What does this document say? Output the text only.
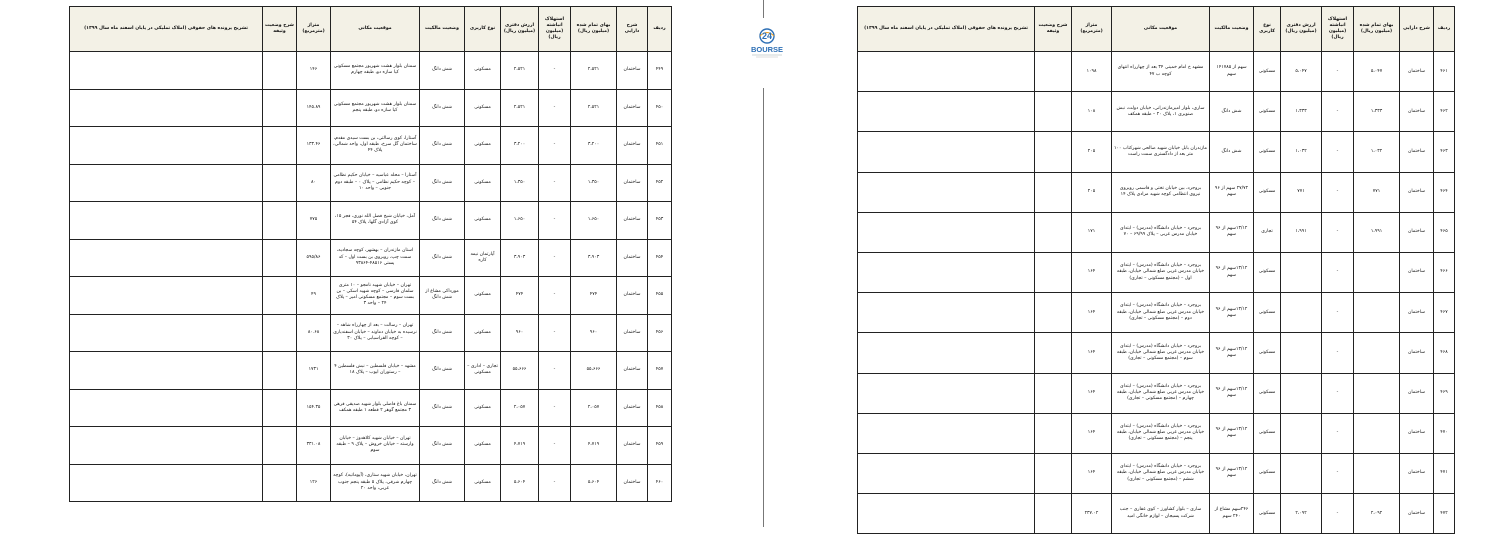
ردیف	شرح دارایی	بهای تمام شده (میلیون ریال)	استهلاک انباشته (میلیون ریال)	ارزش دفتری (میلیون ریال)	نوع کاربری	وضعیت مالکیت	موقعیت مکانی	متراژ (مترمربع)	شرح وضعیت وثیقه	تشریح پرونده های حقوقی (املاک تملیکی در پایان اسفند ماه سال ۱۳۹۹)
۴۴۹	ساختمان	۲،۵۲۱	-	۲،۵۲۱	مسکونی	شش دانگ	سمنان بلوار هشت شهریور مجتمع مسکونی کیا سازه دو، طبقه چهارم	۱۴۶		
۴۵۰	ساختمان	۲،۵۲۱	-	۲،۵۲۱	مسکونی	شش دانگ	سمنان بلوار هشت شهریور مجتمع مسکونی کیا سازه دو، طبقه پنجم	۱۴۵.۸۹		
۴۵۱	ساختمان	۳،۲۰۰	-	۳،۲۰۰	مسکونی	شش دانگ	آستارا، کوی رسالتی، بن بست سیدی مقدم، ساختمان گل سرخ، طبقه اول، واحد شمالی، پلاک ۴۴	۱۳۳.۴۶		
۴۵۲	ساختمان	۱،۳۵۰	-	۱،۳۵۰	مسکونی	شش دانگ	آستارا – محله عباسیه – خیابان حکیم نظامی – کوچه حکیم نظامی – پلاک ۰ – طبقه دوم جنوبی – واحد ۱۰	۸۰		
۴۵۳	ساختمان	۱،۶۵۰	-	۱،۶۵۰	مسکونی	شش دانگ	آمل، خیابان شیخ فضل الله نوری، فجر ۱۵، کوی آزادی گلها، پلاک ۵۴	۷۷۵		
۴۵۴	ساختمان	۳،۹۰۳	-	۳،۹۰۳	آپارتمان نیمه کاره	شش دانگ	استان مازندران – بهشهر، کوچه سجادیه، سمت چپ، روبروی بن بست اول – کد پستی ۴۸۵۱۶-۹۳۸۶۴	۵۹۵/۸۶		
۴۵۵	ساختمان	۴۷۴	-	۴۷۴	مسکونی	مورداکی مشاع از شش دانگ	تهران – خیابان شهید نامجو – ۱۰ متری سلمان فارسی – کوچه شهید اسکی – بن بست سوم – مجتمع مسکونی امیر – پلاک ۲۴ – واحد ۳	۴۹		
۴۵۶	ساختمان	۹۶۰	-	۹۶۰	مسکونی	شش دانگ	تهران – رسالت – بعد از چهارراه شاهد – نرسیده به خیابان دماوند – خیابان اسفندیاری – کوچه الفراسیابی – پلاک ۳۰	۸۰.۶۸		
۴۵۷	ساختمان	۵۵،۶۶۶	-	۵۵،۶۶۶	تجاری – اداری – مسکونی	شش دانگ	مشهد – خیابان فلسطین – نبش فلسطین ۴ – رستوران ایوب – پلاک ۱۸	۱۷۳۱		
۴۵۸	ساختمان	۲،۰۵۷	-	۲،۰۵۷	مسکونی	شش دانگ	سمنان باغ فاضلی بلوار شهید صدیقی قرهی ۳ مجتمع گوهر ۲ قطعه ۱ طبقه همکف	۱۵۴.۳۵		
۴۵۹	ساختمان	۴،۷۱۹	-	۴،۷۱۹	مسکونی	شش دانگ	تهران – خیابان شهید کلاهدوز – خیابان وارسته – خیابان خروش – پلاک ۹ – طبقه سوم	۳۳۱.۰۸		
۴۶۰	ساختمان	۵،۶۰۴	-	۵،۶۰۴	مسکونی	شش دانگ	تهران، خیابان شهید ستاری، (آپوماتیه)، کوچه چهارم شرقی، پلاک ۵ طبقه پنجم جنوب غربی، واحد ۲۰	۱۲۶		
24
BOURSE
ردیف	شرح دارایی	بهای تمام شده (میلیون ریال)	استهلاک انباشته (میلیون ریال)	ارزش دفتری (میلیون ریال)	نوع کاربری	وضعیت مالکیت	موقعیت مکانی	متراژ (مترمربع)	شرح وضعیت وثیقه	تشریح پرونده های حقوقی (املاک تملیکی در پایان اسفند ماه سال ۱۳۹۹)
۴۶۱	ساختمان	۵،۰۴۷	-	۵،۰۴۷	مسکونی	سهم از ۱۴۱۷۸۵ سهم	مشهد خ امام خمینی ۳۴ بعد از چهارراه انتهای کوچه ب ۴۷	۱۰۹۸		
۴۶۲	ساختمان	۱،۳۳۳	-	۱،۳۳۳	مسکونی	شش دانگ	ساری، بلوار امیرمازندرانی، خیابان دولت، نبش صنوبری ۱، پلاک ۲۰ – طبقه همکف	۱۰۸		
۴۶۳	ساختمان	۱،۰۳۲	-	۱،۰۳۲	مسکونی	شش دانگ	مازندران بابل خیابان شهید صالحی شهرکتاب ۱۰۰ متر بعد از دادگستری سمت راست	۲۰۵		
۴۶۴	ساختمان	۷۷۱	-	۷۷۱	مسکونی	۲۷/۷۲ سهم از ۹۶ سهم	بروجرد، بین خیابان تختی و قاسمی روبروی نیروی انتظامی کوچه شهید مرادی پلاک ۱۴	۲۰۵		
۴۶۵	ساختمان	۱،۹۹۱	-	۱،۹۹۱	تجاری	۱۳/۱۲سهم از ۹۶ سهم	بروجرد – خیابان دانشگاه (مدرس) – ابتدای خیابان مدرس غربی – پلاک ۶۹/۹۹ – ۷۰	۱۷۱		
۴۶۶	ساختمان		-		مسکونی	۱۳/۱۲سهم از ۹۶ سهم	بروجرد – خیابان دانشگاه (مدرس) – ابتدای خیابان مدرس غربی ضلع شمالی خیابان، طبقه اول – (مجتمع مسکونی – تجاری)	۱۶۴		
۴۶۷	ساختمان		-		مسکونی	۱۳/۱۲سهم از ۹۶ سهم	بروجرد – خیابان دانشگاه (مدرس) – ابتدای خیابان مدرس غربی ضلع شمالی خیابان، طبقه دوم – (مجتمع مسکونی – تجاری)	۱۶۴		
۴۶۸	ساختمان		-		مسکونی	۱۳/۱۲سهم از ۹۶ سهم	بروجرد – خیابان دانشگاه (مدرس) – ابتدای خیابان مدرس غربی ضلع شمالی خیابان، طبقه سوم – (مجتمع مسکونی – تجاری)	۱۶۴		
۴۶۹	ساختمان		-		مسکونی	۱۳/۱۲سهم از ۹۶ سهم	بروجرد – خیابان دانشگاه (مدرس) – ابتدای خیابان مدرس غربی ضلع شمالی خیابان، طبقه چهارم – (مجتمع مسکونی – تجاری)	۱۶۴		
۴۷۰	ساختمان		-		مسکونی	۱۳/۱۲سهم از ۹۶ سهم	بروجرد – خیابان دانشگاه (مدرس) – ابتدای خیابان مدرس غربی ضلع شمالی خیابان، طبقه پنجم – (مجتمع مسکونی – تجاری)	۱۶۴		
۴۷۱	ساختمان		-		مسکونی	۱۳/۱۲سهم از ۹۶ سهم	بروجرد – خیابان دانشگاه (مدرس) – ابتدای خیابان مدرس غربی ضلع شمالی خیابان، طبقه ششم – (مجتمع مسکونی – تجاری)	۱۶۴		
۴۷۲	ساختمان	۲،۰۹۲	-	۲،۰۹۲	مسکونی	۲۴۶سهم مشاع از ۲۴۰ سهم	ساری – بلوار کشاورز – کوی غفاری – جنب شرکت پسیجان – لوازم خانگی امید	۲۳۷.۰۲		
